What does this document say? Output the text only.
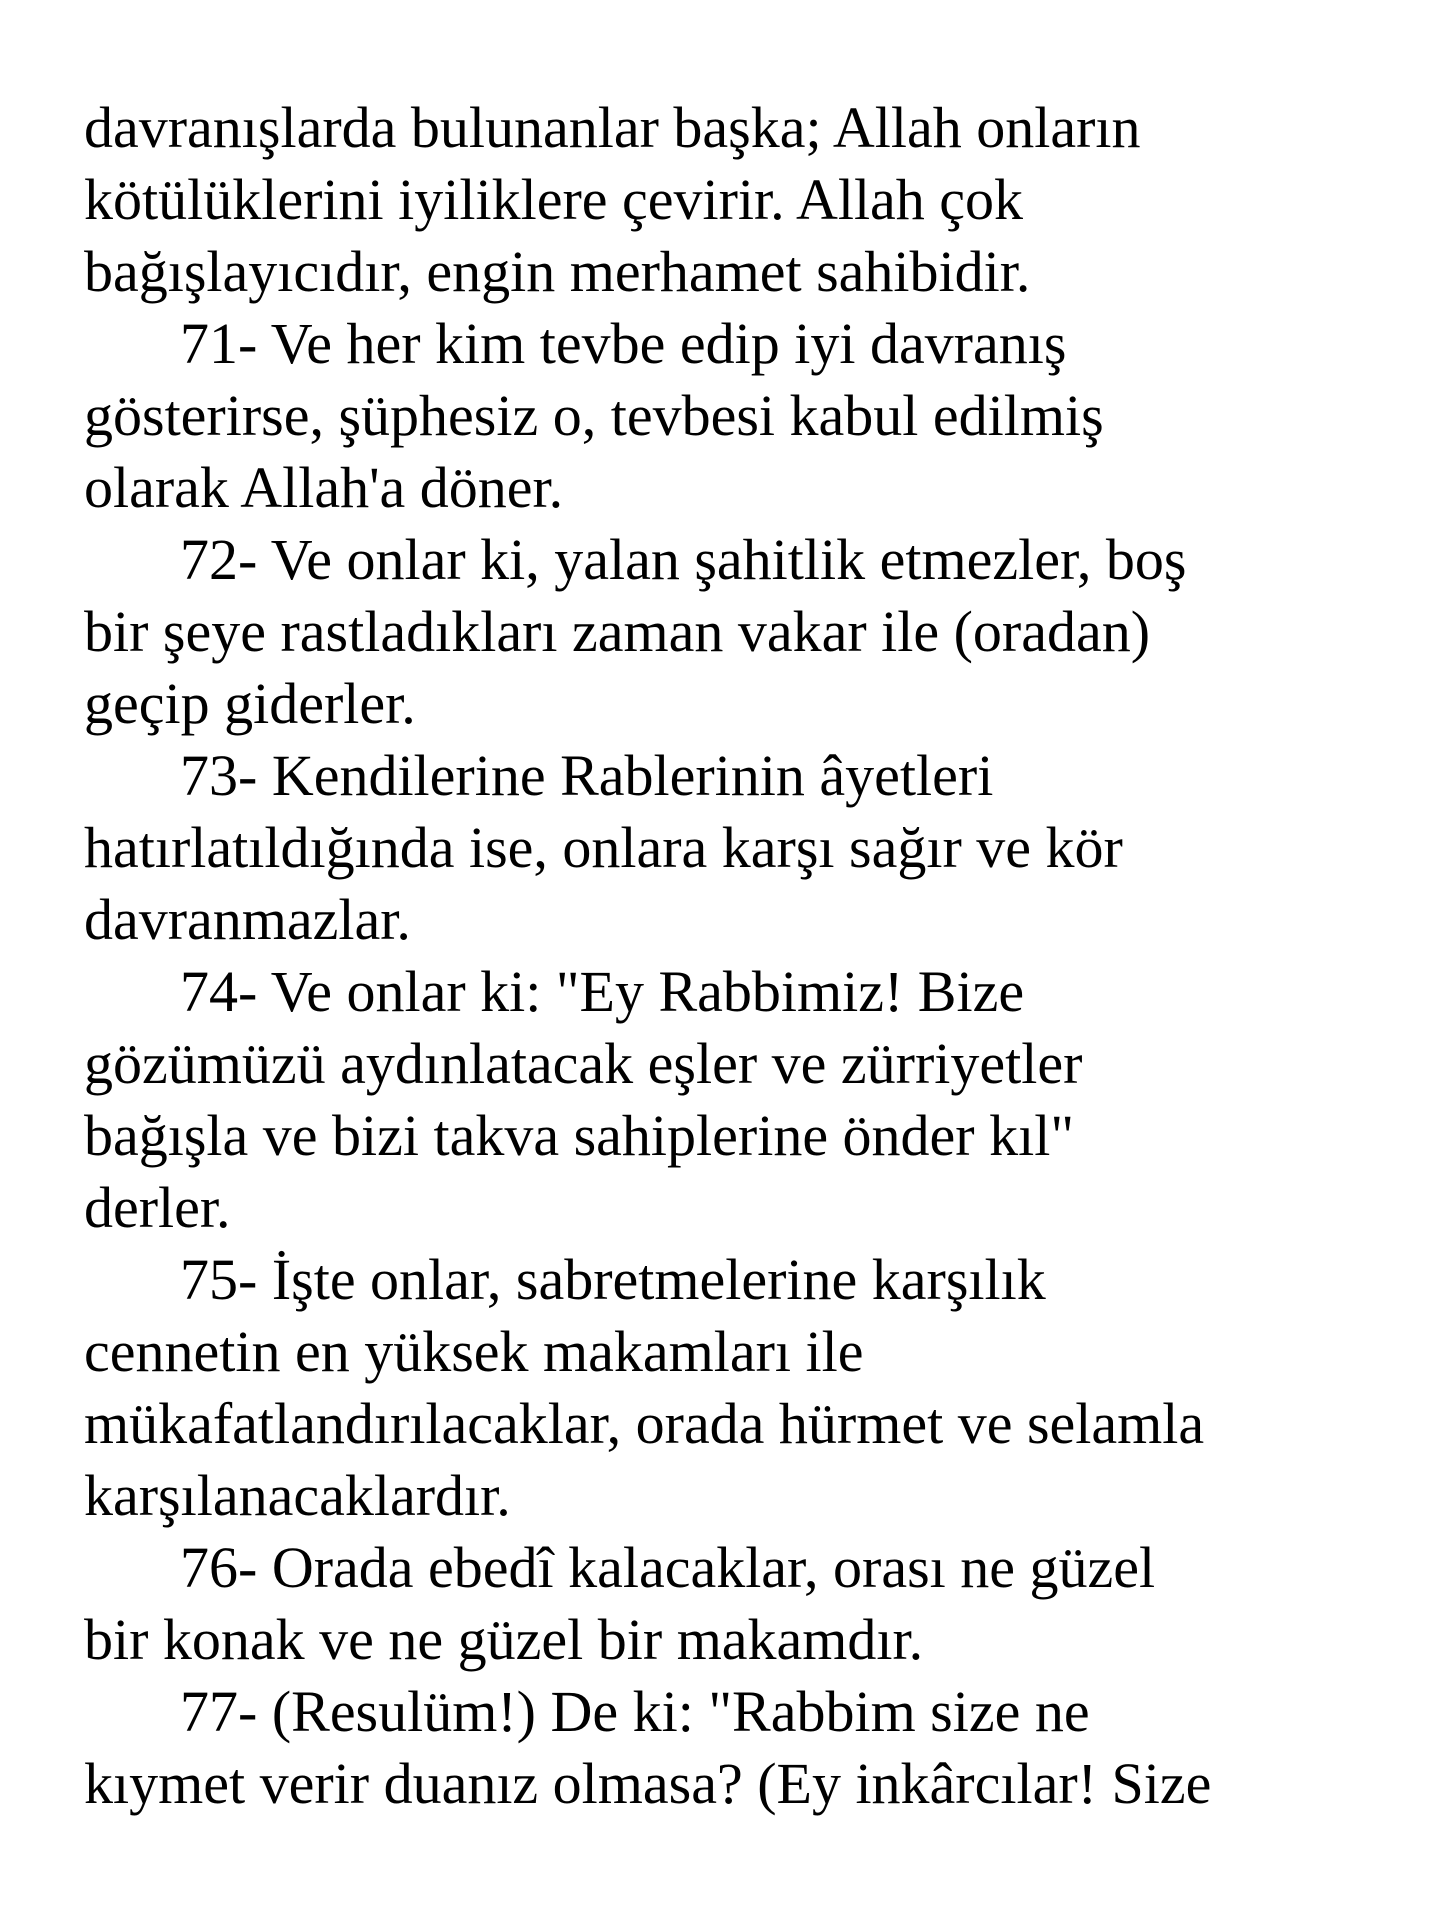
davranışlarda bulunanlar başka; Allah onların
kötülüklerini iyiliklere çevirir. Allah çok
bağışlayıcıdır, engin merhamet sahibidir.
71- Ve her kim tevbe edip iyi davranış
gösterirse, şüphesiz o, tevbesi kabul edilmiş
olarak Allah'a döner.
72- Ve onlar ki, yalan şahitlik etmezler, boş
bir şeye rastladıkları zaman vakar ile (oradan)
geçip giderler.
73- Kendilerine Rablerinin âyetleri
hatırlatıldığında ise, onlara karşı sağır ve kör
davranmazlar.
74- Ve onlar ki: "Ey Rabbimiz! Bize
gözümüzü aydınlatacak eşler ve zürriyetler
bağışla ve bizi takva sahiplerine önder kıl"
derler.
75- İşte onlar, sabretmelerine karşılık
cennetin en yüksek makamları ile
mükafatlandırılacaklar, orada hürmet ve selamla
karşılanacaklardır.
76- Orada ebedî kalacaklar, orası ne güzel
bir konak ve ne güzel bir makamdır.
77- (Resulüm!) De ki: "Rabbim size ne
kıymet verir duanız olmasa? (Ey inkârcılar! Size
